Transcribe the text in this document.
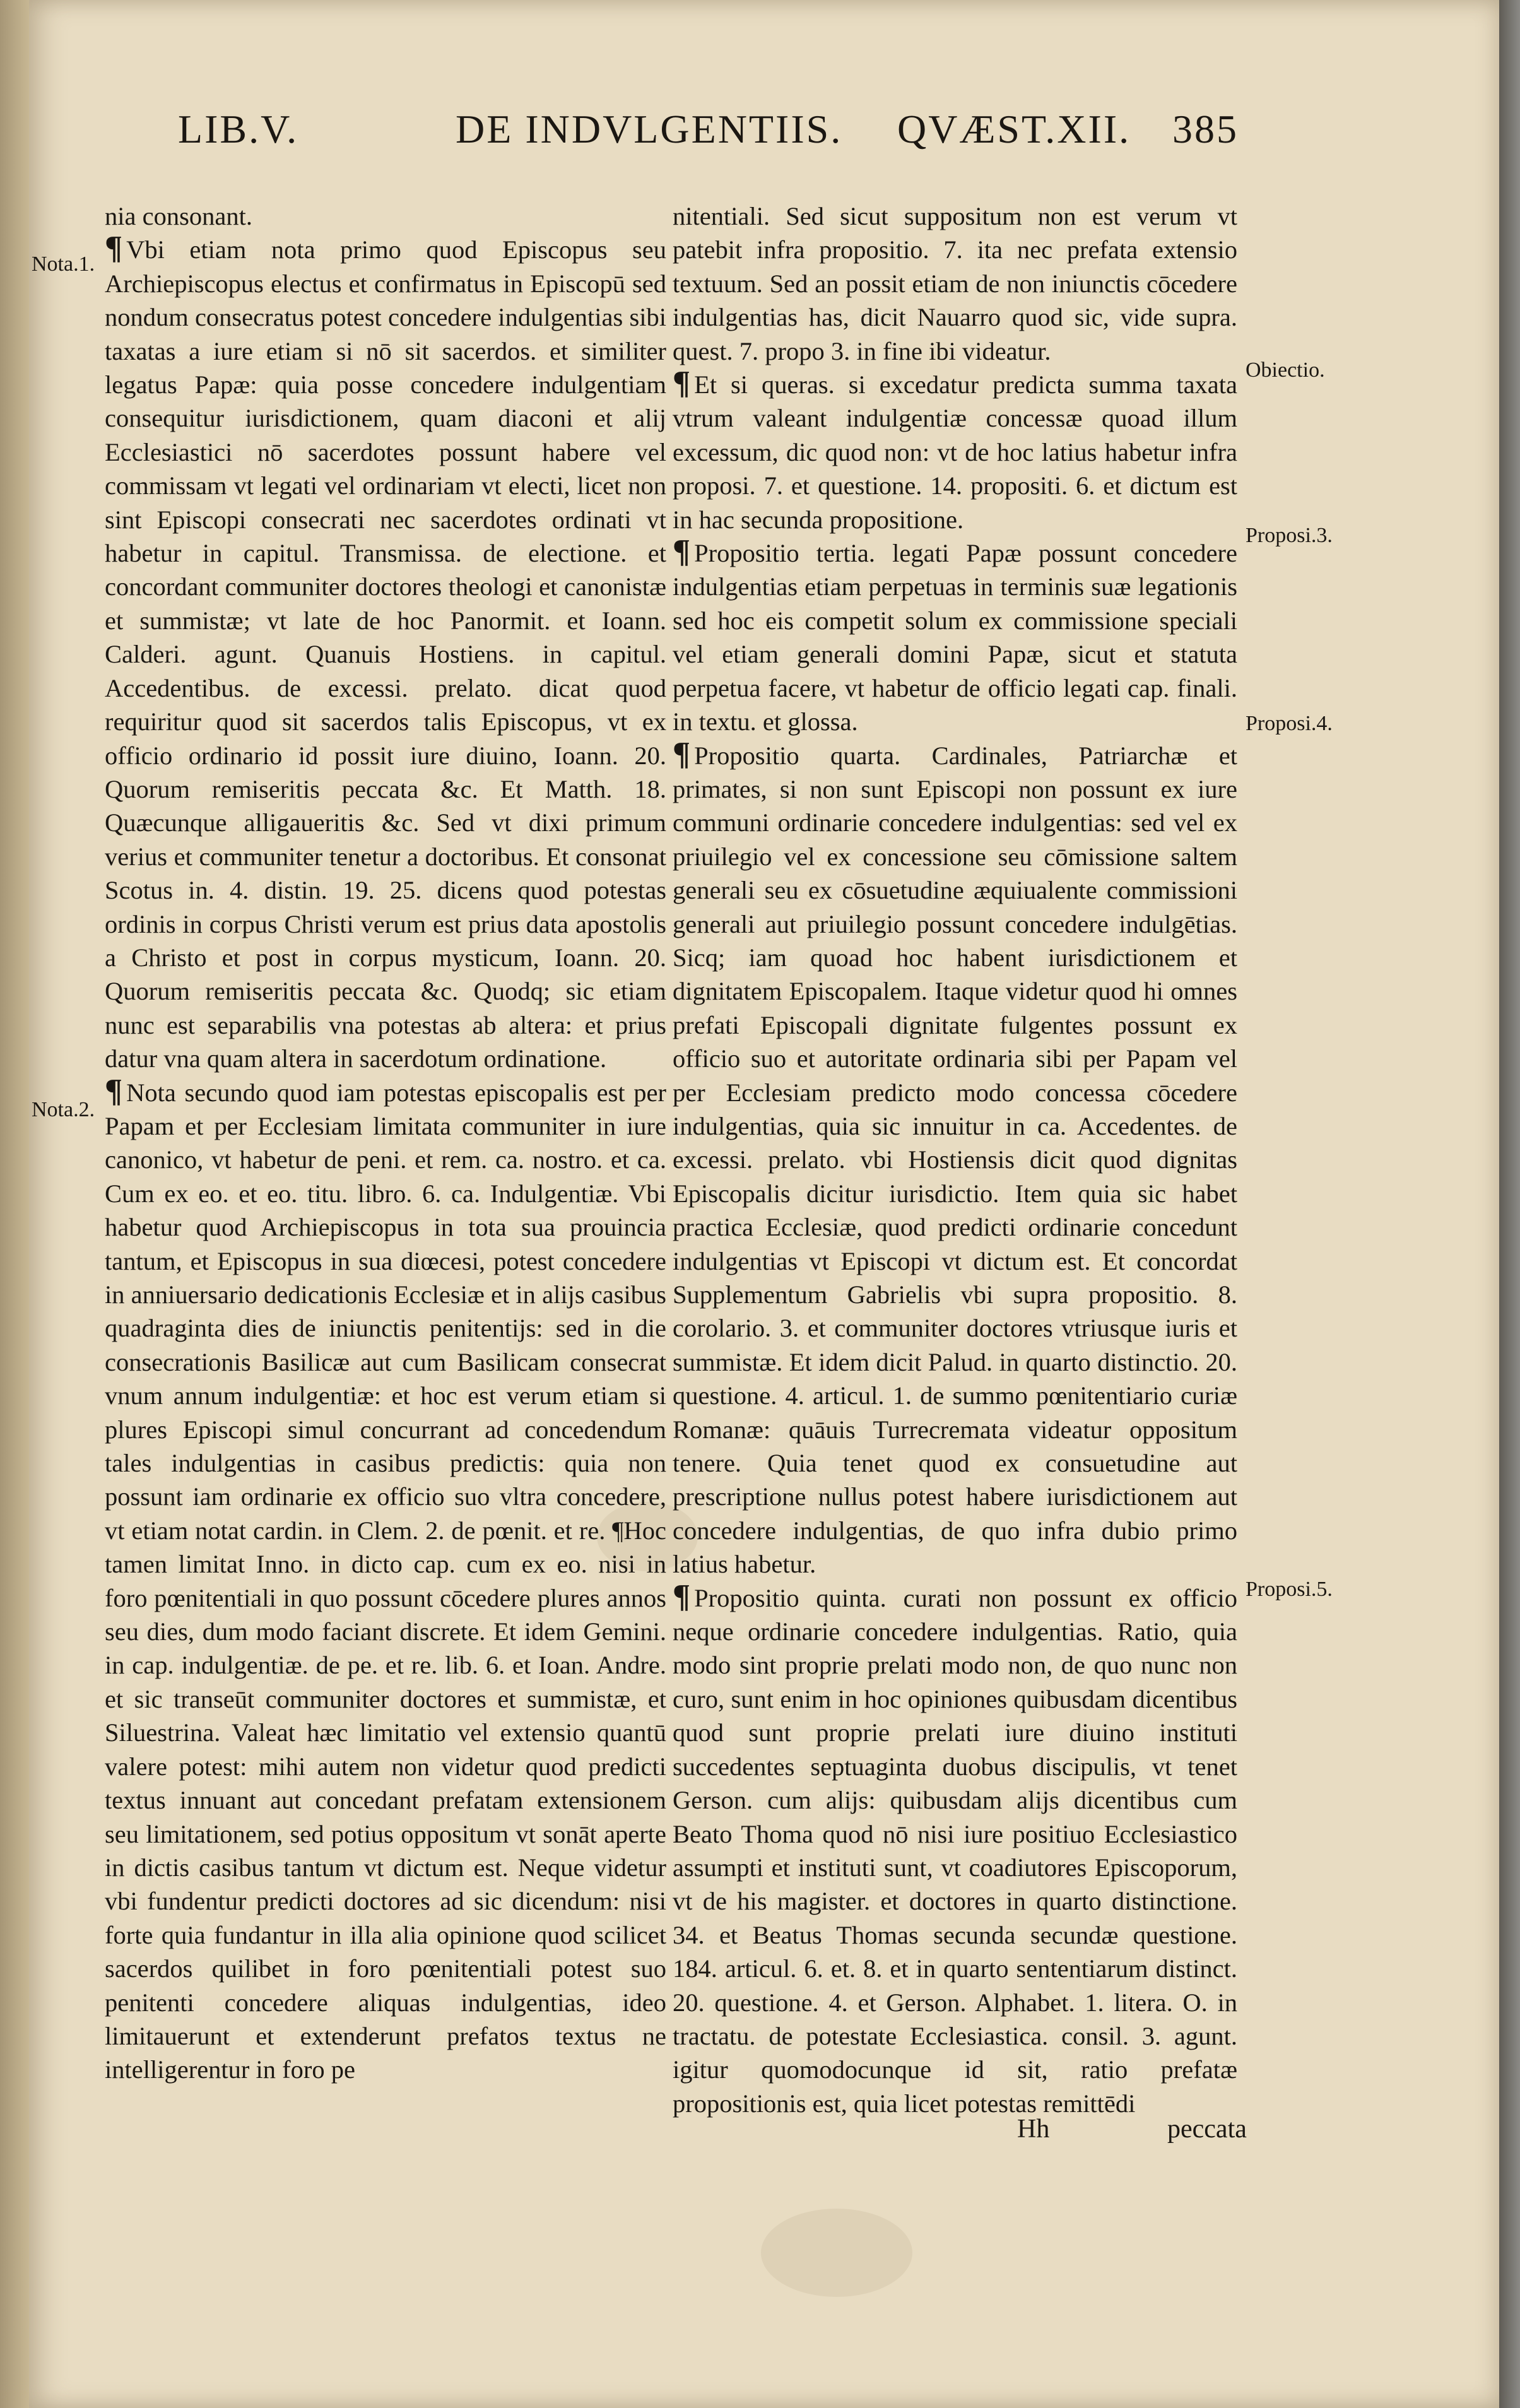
LIB.V.	DE INDVLGENTIIS. QVÆST.XII. 385
Nota.1.
Nota.2.
Obiectio.
Proposi.3.
Proposi.4.
Proposi.5.

nia consonant.

¶ Vbi etiam nota primo quod Episcopus seu Archiepiscopus electus et confirmatus in Episcopū sed nondum consecratus potest concedere indulgentias sibi taxatas a iure etiam si nō sit sacerdos. et similiter legatus Papæ: quia posse concedere indulgentiam consequitur iurisdictionem, quam diaconi et alij Ecclesiastici nō sacerdotes possunt habere vel commissam vt legati vel ordinariam vt electi, licet non sint Episcopi consecrati nec sacerdotes ordinati vt habetur in capitul. Transmissa. de electione. et concordant communiter doctores theologi et canonistæ et summistæ; vt late de hoc Panormit. et Ioann. Calderi. agunt. Quanuis Hostiens. in capitul. Accedentibus. de excessi. prelato. dicat quod requiritur quod sit sacerdos talis Episcopus, vt ex officio ordinario id possit iure diuino, Ioann. 20. Quorum remiseritis peccata &c. Et Matth. 18. Quæcunque alligaueritis &c. Sed vt dixi primum verius et communiter tenetur a doctoribus. Et consonat Scotus in. 4. distin. 19. 25. dicens quod potestas ordinis in corpus Christi verum est prius data apostolis a Christo et post in corpus mysticum, Ioann. 20. Quorum remiseritis peccata &c. Quodq; sic etiam nunc est separabilis vna potestas ab altera: et prius datur vna quam altera in sacerdotum ordinatione.

¶ Nota secundo quod iam potestas episcopalis est per Papam et per Ecclesiam limitata communiter in iure canonico, vt habetur de peni. et rem. ca. nostro. et ca. Cum ex eo. et eo. titu. libro. 6. ca. Indulgentiæ. Vbi habetur quod Archiepiscopus in tota sua prouincia tantum, et Episcopus in sua diœcesi, potest concedere in anniuersario dedicationis Ecclesiæ et in alijs casibus quadraginta dies de iniunctis penitentijs: sed in die consecrationis Basilicæ aut cum Basilicam consecrat vnum annum indulgentiæ: et hoc est verum etiam si plures Episcopi simul concurrant ad concedendum tales indulgentias in casibus predictis: quia non possunt iam ordinarie ex officio suo vltra concedere, vt etiam notat cardin. in Clem. 2. de pœnit. et re. ¶Hoc tamen limitat Inno. in dicto cap. cum ex eo. nisi in foro pœnitentiali in quo possunt cōcedere plures annos seu dies, dum modo faciant discrete. Et idem Gemini. in cap. indulgentiæ. de pe. et re. lib. 6. et Ioan. Andre. et sic transeūt communiter doctores et summistæ, et Siluestrina. Valeat hæc limitatio vel extensio quantū valere potest: mihi autem non videtur quod predicti textus innuant aut concedant prefatam extensionem seu limitationem, sed potius oppositum vt sonāt aperte in dictis casibus tantum vt dictum est. Neque videtur vbi fundentur predicti doctores ad sic dicendum: nisi forte quia fundantur in illa alia opinione quod scilicet sacerdos quilibet in foro pœnitentiali potest suo penitenti concedere aliquas indulgentias, ideo limitauerunt et extenderunt prefatos textus ne intelligerentur in foro pe

nitentiali. Sed sicut suppositum non est verum vt patebit infra propositio. 7. ita nec prefata extensio textuum. Sed an possit etiam de non iniunctis cōcedere indulgentias has, dicit Nauarro quod sic, vide supra. quest. 7. propo 3. in fine ibi videatur.

¶ Et si queras. si excedatur predicta summa taxata vtrum valeant indulgentiæ concessæ quoad illum excessum, dic quod non: vt de hoc latius habetur infra proposi. 7. et questione. 14. propositi. 6. et dictum est in hac secunda propositione.

¶ Propositio tertia. legati Papæ possunt concedere indulgentias etiam perpetuas in terminis suæ legationis sed hoc eis competit solum ex commissione speciali vel etiam generali domini Papæ, sicut et statuta perpetua facere, vt habetur de officio legati cap. finali. in textu. et glossa.

¶ Propositio quarta. Cardinales, Patriarchæ et primates, si non sunt Episcopi non possunt ex iure communi ordinarie concedere indulgentias: sed vel ex priuilegio vel ex concessione seu cōmissione saltem generali seu ex cōsuetudine æquiualente commissioni generali aut priuilegio possunt concedere indulgētias. Sicq; iam quoad hoc habent iurisdictionem et dignitatem Episcopalem. Itaque videtur quod hi omnes prefati Episcopali dignitate fulgentes possunt ex officio suo et autoritate ordinaria sibi per Papam vel per Ecclesiam predicto modo concessa cōcedere indulgentias, quia sic innuitur in ca. Accedentes. de excessi. prelato. vbi Hostiensis dicit quod dignitas Episcopalis dicitur iurisdictio. Item quia sic habet practica Ecclesiæ, quod predicti ordinarie concedunt indulgentias vt Episcopi vt dictum est. Et concordat Supplementum Gabrielis vbi supra propositio. 8. corolario. 3. et communiter doctores vtriusque iuris et summistæ. Et idem dicit Palud. in quarto distinctio. 20. questione. 4. articul. 1. de summo pœnitentiario curiæ Romanæ: quāuis Turrecremata videatur oppositum tenere. Quia tenet quod ex consuetudine aut prescriptione nullus potest habere iurisdictionem aut concedere indulgentias, de quo infra dubio primo latius habetur.

¶ Propositio quinta. curati non possunt ex officio neque ordinarie concedere indulgentias. Ratio, quia modo sint proprie prelati modo non, de quo nunc non curo, sunt enim in hoc opiniones quibusdam dicentibus quod sunt proprie prelati iure diuino instituti succedentes septuaginta duobus discipulis, vt tenet Gerson. cum alijs: quibusdam alijs dicentibus cum Beato Thoma quod nō nisi iure positiuo Ecclesiastico assumpti et instituti sunt, vt coadiutores Episcoporum, vt de his magister. et doctores in quarto distinctione. 34. et Beatus Thomas secunda secundæ questione. 184. articul. 6. et. 8. et in quarto sententiarum distinct. 20. questione. 4. et Gerson. Alphabet. 1. litera. O. in tractatu. de potestate Ecclesiastica. consil. 3. agunt. igitur quomodocunque id sit, ratio prefatæ propositionis est, quia licet potestas remittēdi

Hh	peccata
